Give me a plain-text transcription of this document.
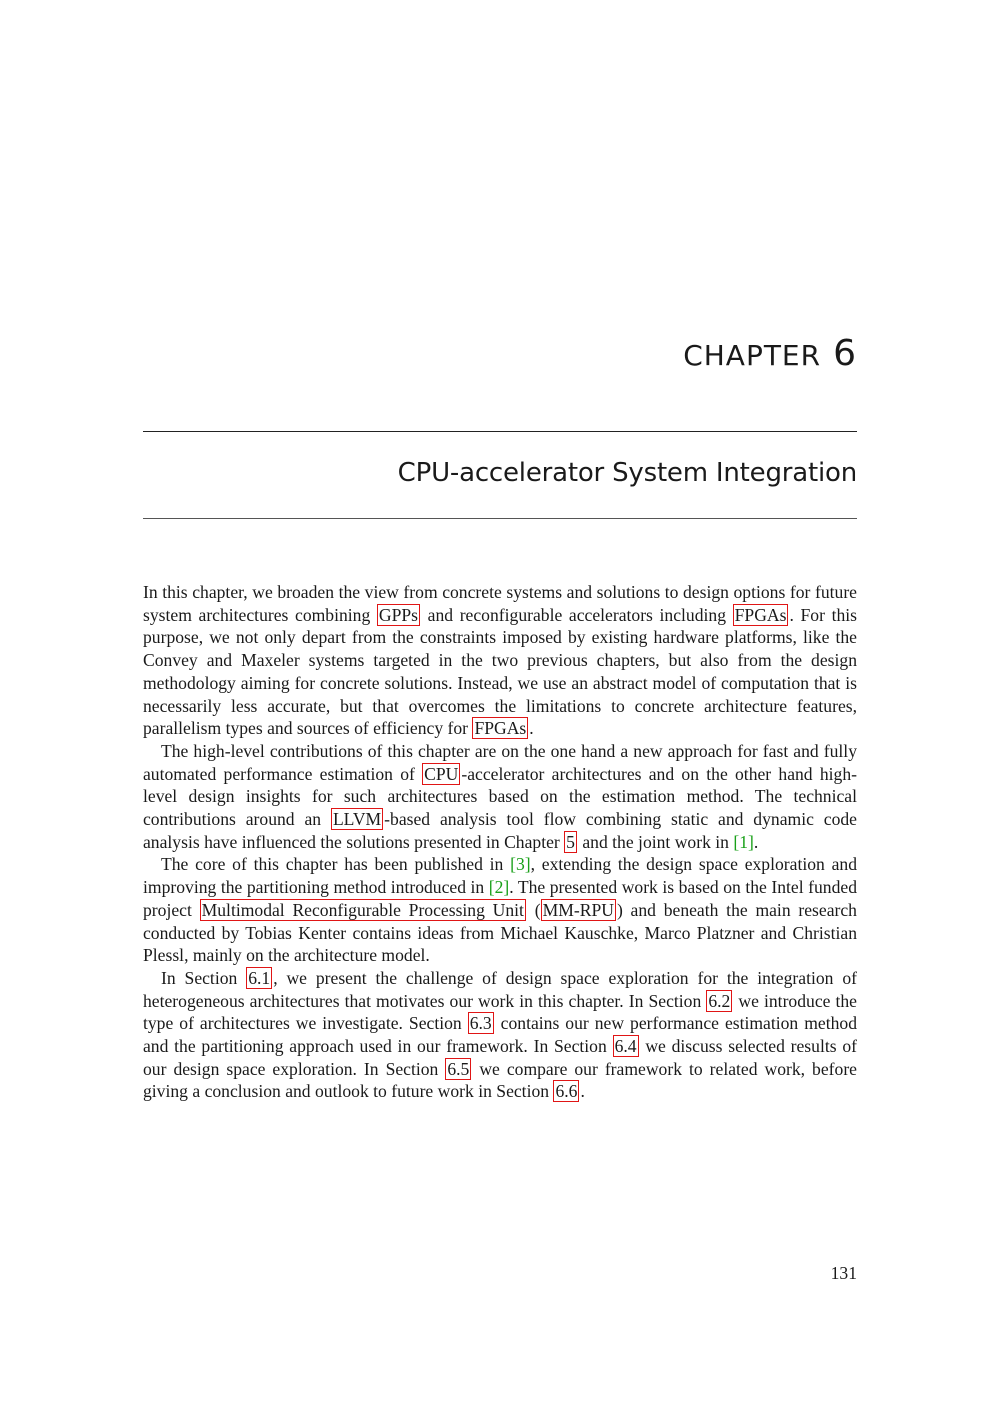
CHAPTER 6
CPU-accelerator System Integration

In this chapter, we broaden the view from concrete systems and solutions to design options for future system architectures combining GPPs and reconfigurable accelerators including FPGAs . For this purpose, we not only depart from the constraints imposed by existing hardware platforms, like the Convey and Maxeler systems targeted in the two previous chapters, but also from the design methodology aiming for concrete solutions. Instead, we use an abstract model of computation that is necessarily less accurate, but that overcomes the limitations to concrete architecture features, parallelism types and sources of efficiency for FPGAs .

The high-level contributions of this chapter are on the one hand a new approach for fast and fully automated performance estimation of CPU -accelerator architectures and on the other hand high-level design insights for such architectures based on the estimation method. The technical contributions around an LLVM -based analysis tool flow combining static and dynamic code analysis have influenced the solutions presented in Chapter 5 and the joint work in [1].

The core of this chapter has been published in [3], extending the design space exploration and improving the partitioning method introduced in [2]. The presented work is based on the Intel funded project Multimodal Reconfigurable Processing Unit ( MM-RPU ) and beneath the main research conducted by Tobias Kenter contains ideas from Michael Kauschke, Marco Platzner and Christian Plessl, mainly on the architecture model.

In Section 6.1 , we present the challenge of design space exploration for the integration of heterogeneous architectures that motivates our work in this chapter. In Section 6.2 we introduce the type of architectures we investigate. Section 6.3 contains our new performance estimation method and the partitioning approach used in our framework. In Section 6.4 we discuss selected results of our design space exploration. In Section 6.5 we compare our framework to related work, before giving a conclusion and outlook to future work in Section 6.6 .

131
